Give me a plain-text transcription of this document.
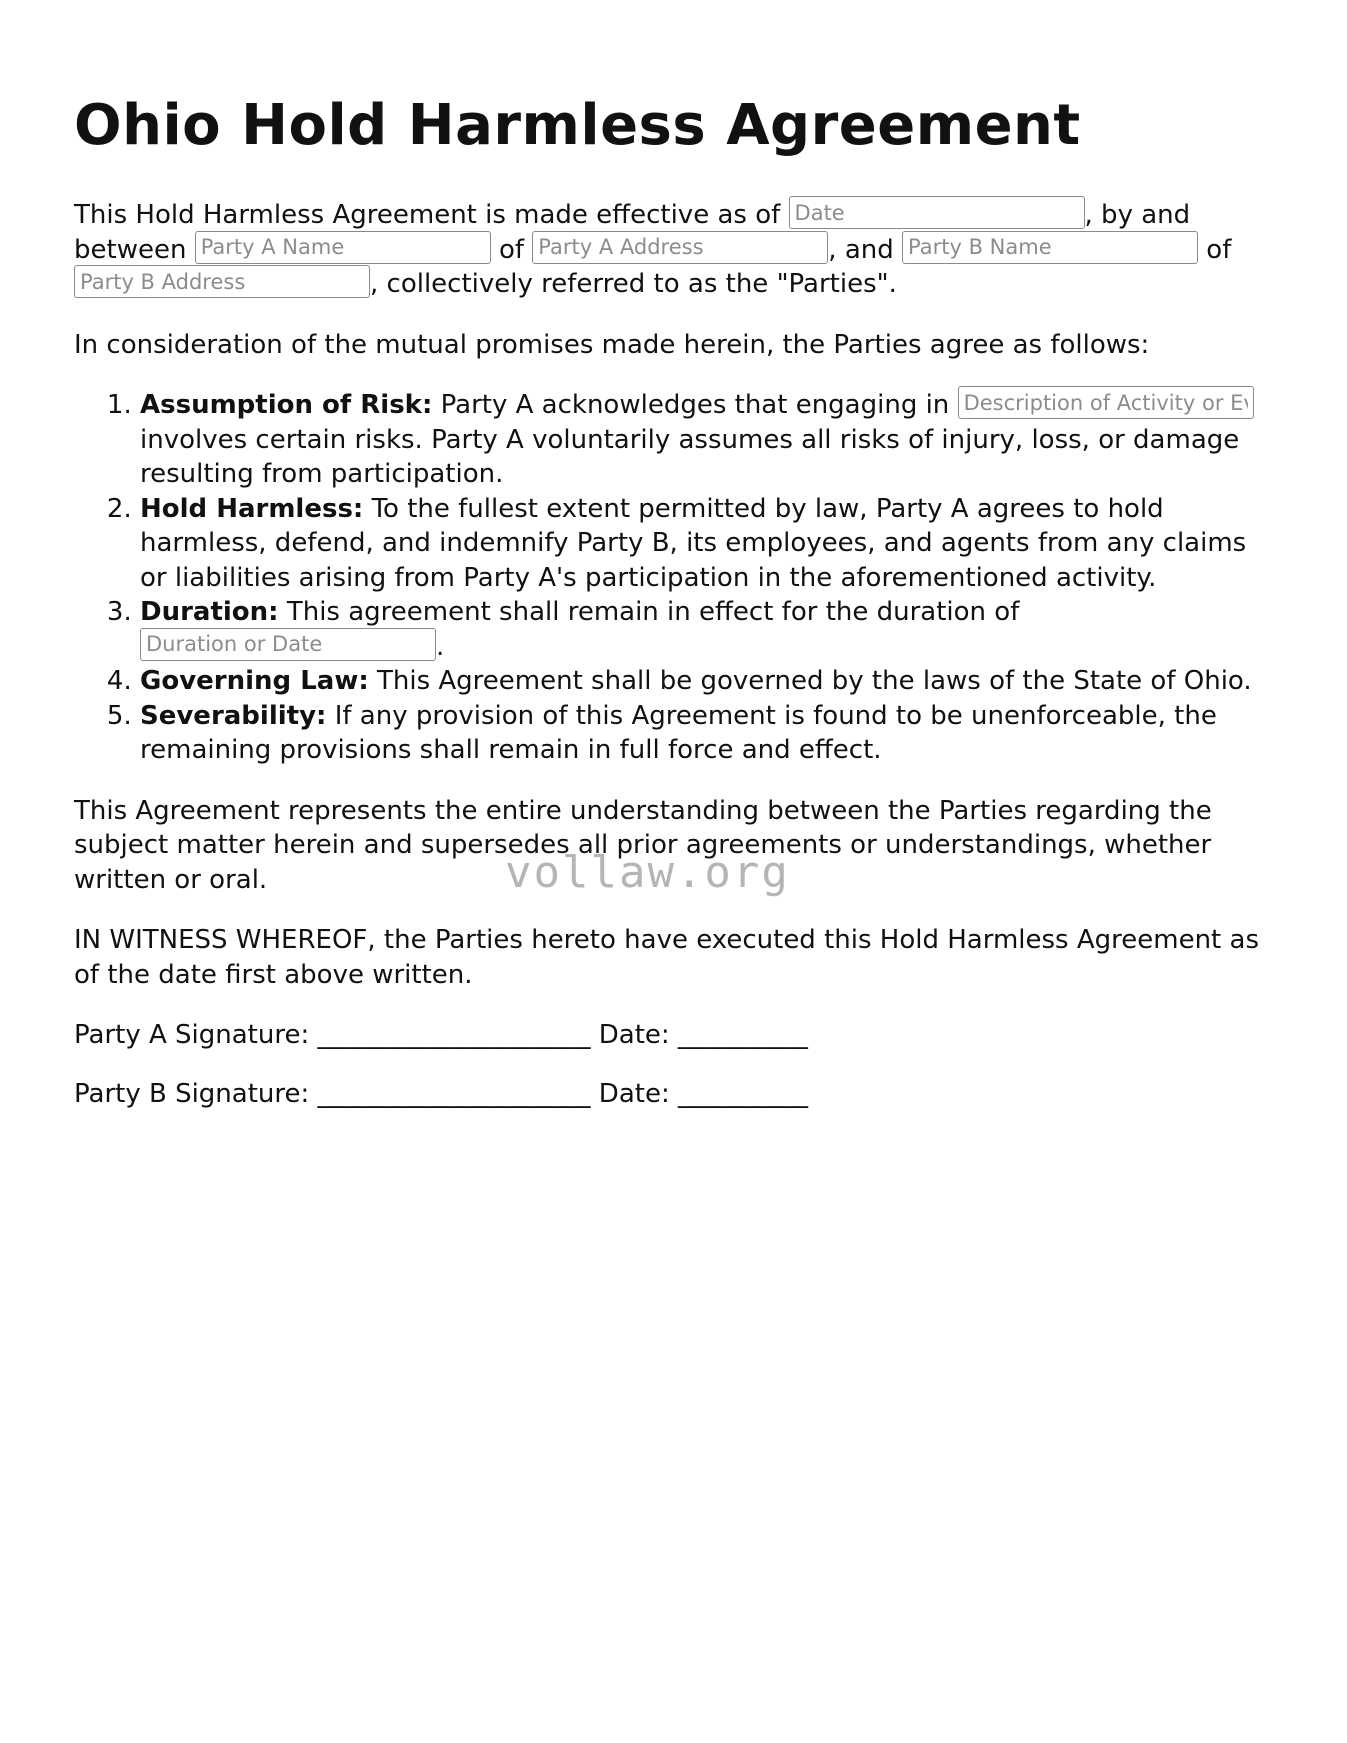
Ohio Hold Harmless Agreement

This Hold Harmless Agreement is made effective as of Date	, by and between Party A Name	of Party A Address	, and Party B Name	of Party B Address, collectively referred to as the "Parties".

In consideration of the mutual promises made herein, the Parties agree as follows:

1. Assumption of Risk: Party A acknowledges that engaging in Description of Activity or Event involves certain risks. Party A voluntarily assumes all risks of injury, loss, or damage resulting from participation.
2. Hold Harmless: To the fullest extent permitted by law, Party A agrees to hold harmless, defend, and indemnify Party B, its employees, and agents from any claims or liabilities arising from Party A's participation in the aforementioned activity.
3. Duration: This agreement shall remain in effect for the duration of Duration or Date.
4. Governing Law: This Agreement shall be governed by the laws of the State of Ohio.
5. Severability: If any provision of this Agreement is found to be unenforceable, the remaining provisions shall remain in full force and effect.

This Agreement represents the entire understanding between the Parties regarding the subject matter herein and supersedes all prior agreements or understandings, whether written or oral.

IN WITNESS WHEREOF, the Parties hereto have executed this Hold Harmless Agreement as of the date first above written.

Party A Signature: _____________________ Date: __________

Party B Signature: _____________________ Date: __________

vollaw.org
